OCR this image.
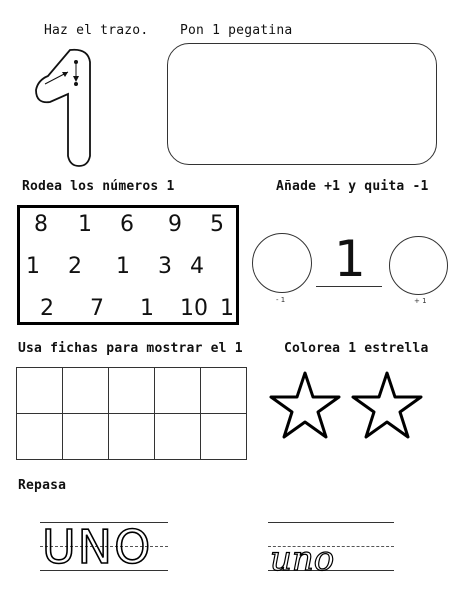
Haz el trazo. Pon 1 pegatina
Rodea los números 1
8 1 6 9 5
1 2 1 3 4
2 7 1 10 1
Añade +1 y quita -1
- 1
1
+ 1
Usa fichas para mostrar el 1

					Colorea 1 estrella
Repasa
UNO	uno
